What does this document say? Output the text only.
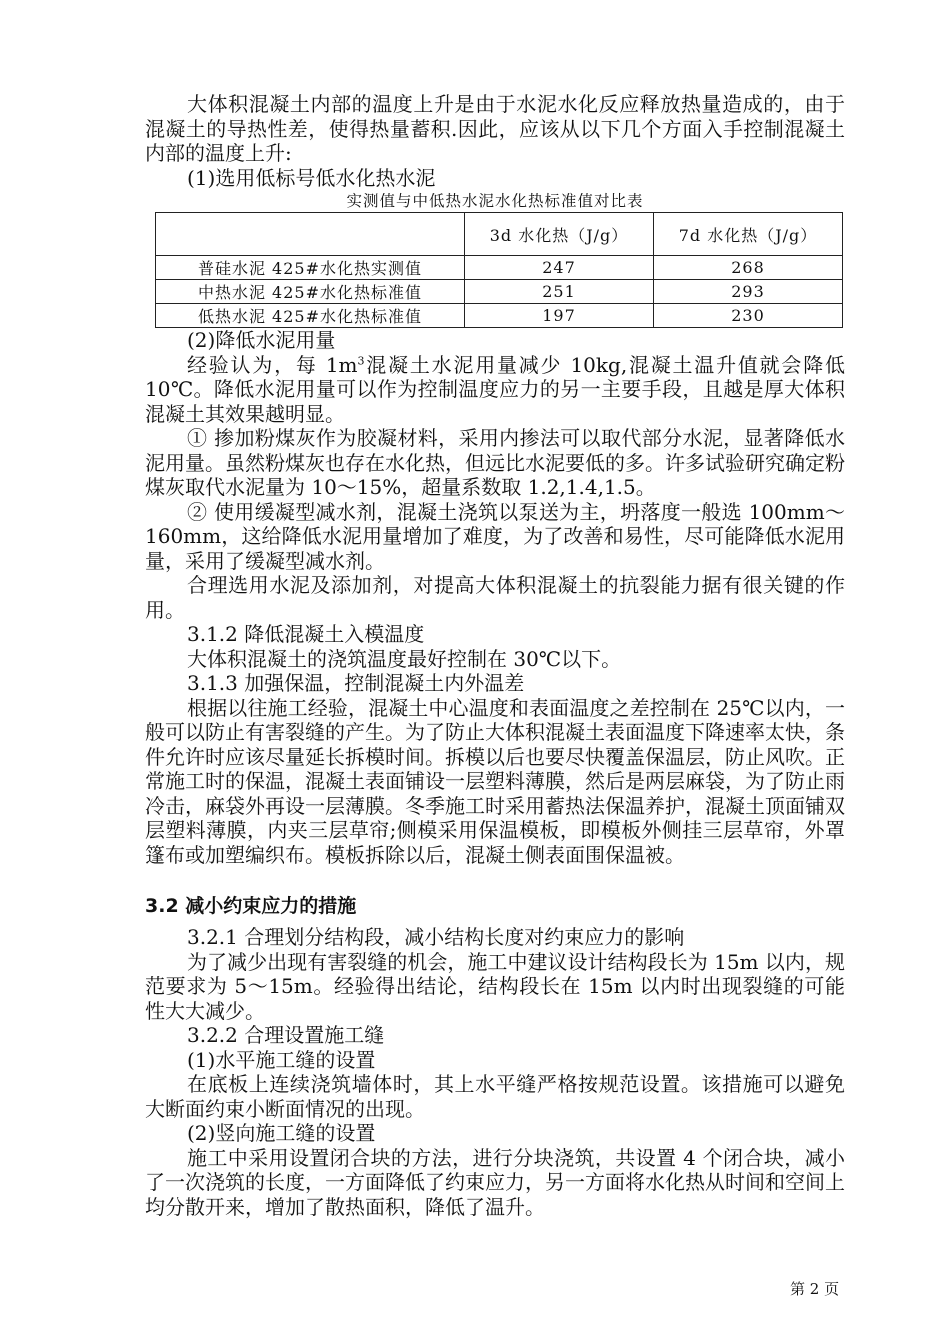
大体积混凝土内部的温度上升是由于水泥水化反应释放热量造成的，由于混凝土的导热性差，使得热量蓄积.因此，应该从以下几个方面入手控制混凝土内部的温度上升:

(1)选用低标号低水化热水泥

实测值与中低热水泥水化热标准值对比表

	3d 水化热（J/g）	7d 水化热（J/g）
普硅水泥 425#水化热实测值	247	268
中热水泥 425#水化热标准值	251	293
低热水泥 425#水化热标准值	197	230

(2)降低水泥用量

经验认为，每 $1m^3$混凝土水泥用量减少 10kg,混凝土温升值就会降低 10℃。降低水泥用量可以作为控制温度应力的另一主要手段，且越是厚大体积混凝土其效果越明显。

① 掺加粉煤灰作为胶凝材料，采用内掺法可以取代部分水泥，显著降低水泥用量。虽然粉煤灰也存在水化热，但远比水泥要低的多。许多试验研究确定粉煤灰取代水泥量为 10～15%，超量系数取 1.2,1.4,1.5。

② 使用缓凝型减水剂，混凝土浇筑以泵送为主，坍落度一般选 100mm～160mm，这给降低水泥用量增加了难度，为了改善和易性，尽可能降低水泥用量，采用了缓凝型减水剂。

合理选用水泥及添加剂，对提高大体积混凝土的抗裂能力据有很关键的作用。

3.1.2 降低混凝土入模温度

大体积混凝土的浇筑温度最好控制在 30℃以下。

3.1.3 加强保温，控制混凝土内外温差

根据以往施工经验，混凝土中心温度和表面温度之差控制在 25℃以内，一般可以防止有害裂缝的产生。为了防止大体积混凝土表面温度下降速率太快，条件允许时应该尽量延长拆模时间。拆模以后也要尽快覆盖保温层，防止风吹。正常施工时的保温，混凝土表面铺设一层塑料薄膜，然后是两层麻袋，为了防止雨冷击，麻袋外再设一层薄膜。冬季施工时采用蓄热法保温养护，混凝土顶面铺双层塑料薄膜，内夹三层草帘;侧模采用保温模板，即模板外侧挂三层草帘，外罩篷布或加塑编织布。模板拆除以后，混凝土侧表面围保温被。

3.2 减小约束应力的措施

3.2.1 合理划分结构段，减小结构长度对约束应力的影响

为了减少出现有害裂缝的机会，施工中建议设计结构段长为 15m 以内，规范要求为 5～15m。经验得出结论，结构段长在 15m 以内时出现裂缝的可能性大大减少。

3.2.2 合理设置施工缝

(1)水平施工缝的设置

在底板上连续浇筑墙体时，其上水平缝严格按规范设置。该措施可以避免大断面约束小断面情况的出现。

(2)竖向施工缝的设置

施工中采用设置闭合块的方法，进行分块浇筑，共设置 4 个闭合块，减小了一次浇筑的长度，一方面降低了约束应力，另一方面将水化热从时间和空间上均分散开来，增加了散热面积，降低了温升。

第 2 页
